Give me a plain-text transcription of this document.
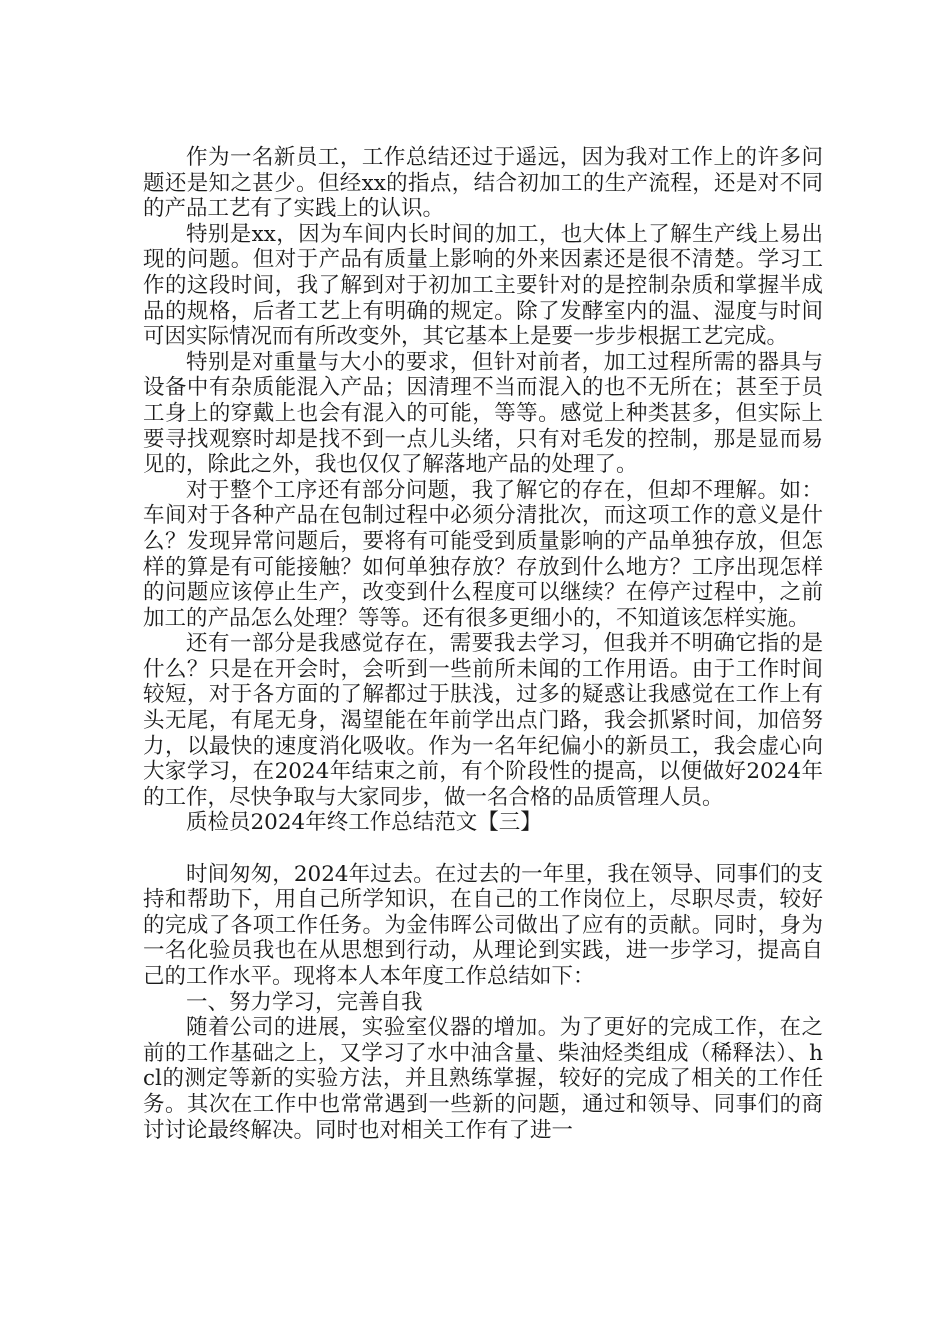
作为一名新员工，工作总结还过于遥远，因为我对工作上的许多问题还是知之甚少。但经xx的指点，结合初加工的生产流程，还是对不同的产品工艺有了实践上的认识。

特别是xx，因为车间内长时间的加工，也大体上了解生产线上易出现的问题。但对于产品有质量上影响的外来因素还是很不清楚。学习工作的这段时间，我了解到对于初加工主要针对的是控制杂质和掌握半成品的规格，后者工艺上有明确的规定。除了发酵室内的温、湿度与时间可因实际情况而有所改变外，其它基本上是要一步步根据工艺完成。

特别是对重量与大小的要求，但针对前者，加工过程所需的器具与设备中有杂质能混入产品；因清理不当而混入的也不无所在；甚至于员工身上的穿戴上也会有混入的可能，等等。感觉上种类甚多，但实际上要寻找观察时却是找不到一点儿头绪，只有对毛发的控制，那是显而易见的，除此之外，我也仅仅了解落地产品的处理了。

对于整个工序还有部分问题，我了解它的存在，但却不理解。如：车间对于各种产品在包制过程中必须分清批次，而这项工作的意义是什么？发现异常问题后，要将有可能受到质量影响的产品单独存放，但怎样的算是有可能接触？如何单独存放？存放到什么地方？工序出现怎样的问题应该停止生产，改变到什么程度可以继续？在停产过程中，之前加工的产品怎么处理？等等。还有很多更细小的，不知道该怎样实施。

还有一部分是我感觉存在，需要我去学习，但我并不明确它指的是什么？只是在开会时，会听到一些前所未闻的工作用语。由于工作时间较短，对于各方面的了解都过于肤浅，过多的疑惑让我感觉在工作上有头无尾，有尾无身，渴望能在年前学出点门路，我会抓紧时间，加倍努力，以最快的速度消化吸收。作为一名年纪偏小的新员工，我会虚心向大家学习，在2024年结束之前，有个阶段性的提高，以便做好2024年的工作，尽快争取与大家同步，做一名合格的品质管理人员。

质检员2024年终工作总结范文【三】

时间匆匆，2024年过去。在过去的一年里，我在领导、同事们的支持和帮助下，用自己所学知识，在自己的工作岗位上，尽职尽责，较好的完成了各项工作任务。为金伟晖公司做出了应有的贡献。同时，身为一名化验员我也在从思想到行动，从理论到实践，进一步学习，提高自己的工作水平。现将本人本年度工作总结如下：

一、努力学习，完善自我

随着公司的进展，实验室仪器的增加。为了更好的完成工作，在之前的工作基础之上，又学习了水中油含量、柴油烃类组成（稀释法）、hcl的测定等新的实验方法，并且熟练掌握，较好的完成了相关的工作任务。其次在工作中也常常遇到一些新的问题，通过和领导、同事们的商讨讨论最终解决。同时也对相关工作有了进一
